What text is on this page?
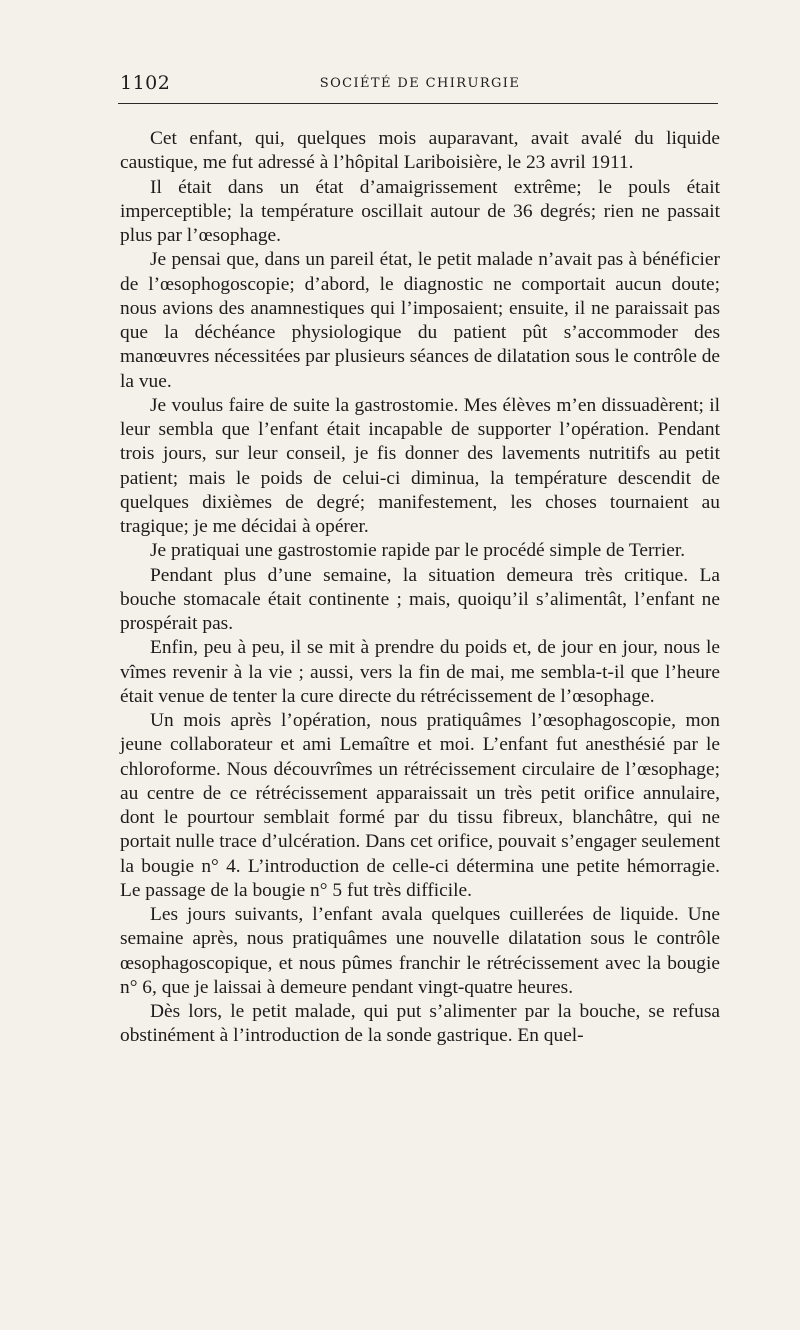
1102	SOCIÉTÉ DE CHIRURGIE

Cet enfant, qui, quelques mois auparavant, avait avalé du liquide caustique, me fut adressé à l’hôpital Lariboisière, le 23 avril 1911.

Il était dans un état d’amaigrissement extrême; le pouls était imperceptible; la température oscillait autour de 36 degrés; rien ne passait plus par l’œsophage.

Je pensai que, dans un pareil état, le petit malade n’avait pas à bénéficier de l’œsophogoscopie; d’abord, le diagnostic ne comportait aucun doute; nous avions des anamnestiques qui l’imposaient; ensuite, il ne paraissait pas que la déchéance physiologique du patient pût s’accommoder des manœuvres nécessitées par plusieurs séances de dilatation sous le contrôle de la vue.

Je voulus faire de suite la gastrostomie. Mes élèves m’en dissuadèrent; il leur sembla que l’enfant était incapable de supporter l’opération. Pendant trois jours, sur leur conseil, je fis donner des lavements nutritifs au petit patient; mais le poids de celui-ci diminua, la température descendit de quelques dixièmes de degré; manifestement, les choses tournaient au tragique; je me décidai à opérer.

Je pratiquai une gastrostomie rapide par le procédé simple de Terrier.

Pendant plus d’une semaine, la situation demeura très critique. La bouche stomacale était continente ; mais, quoiqu’il s’alimentât, l’enfant ne prospérait pas.

Enfin, peu à peu, il se mit à prendre du poids et, de jour en jour, nous le vîmes revenir à la vie ; aussi, vers la fin de mai, me sembla-t-il que l’heure était venue de tenter la cure directe du rétrécissement de l’œsophage.

Un mois après l’opération, nous pratiquâmes l’œsophagoscopie, mon jeune collaborateur et ami Lemaître et moi. L’enfant fut anesthésié par le chloroforme. Nous découvrîmes un rétrécissement circulaire de l’œsophage; au centre de ce rétrécissement apparaissait un très petit orifice annulaire, dont le pourtour semblait formé par du tissu fibreux, blanchâtre, qui ne portait nulle trace d’ulcération. Dans cet orifice, pouvait s’engager seulement la bougie n° 4. L’introduction de celle-ci détermina une petite hémorragie. Le passage de la bougie n° 5 fut très difficile.

Les jours suivants, l’enfant avala quelques cuillerées de liquide. Une semaine après, nous pratiquâmes une nouvelle dilatation sous le contrôle œsophagoscopique, et nous pûmes franchir le rétrécissement avec la bougie n° 6, que je laissai à demeure pendant vingt-quatre heures.

Dès lors, le petit malade, qui put s’alimenter par la bouche, se refusa obstinément à l’introduction de la sonde gastrique. En quel-
